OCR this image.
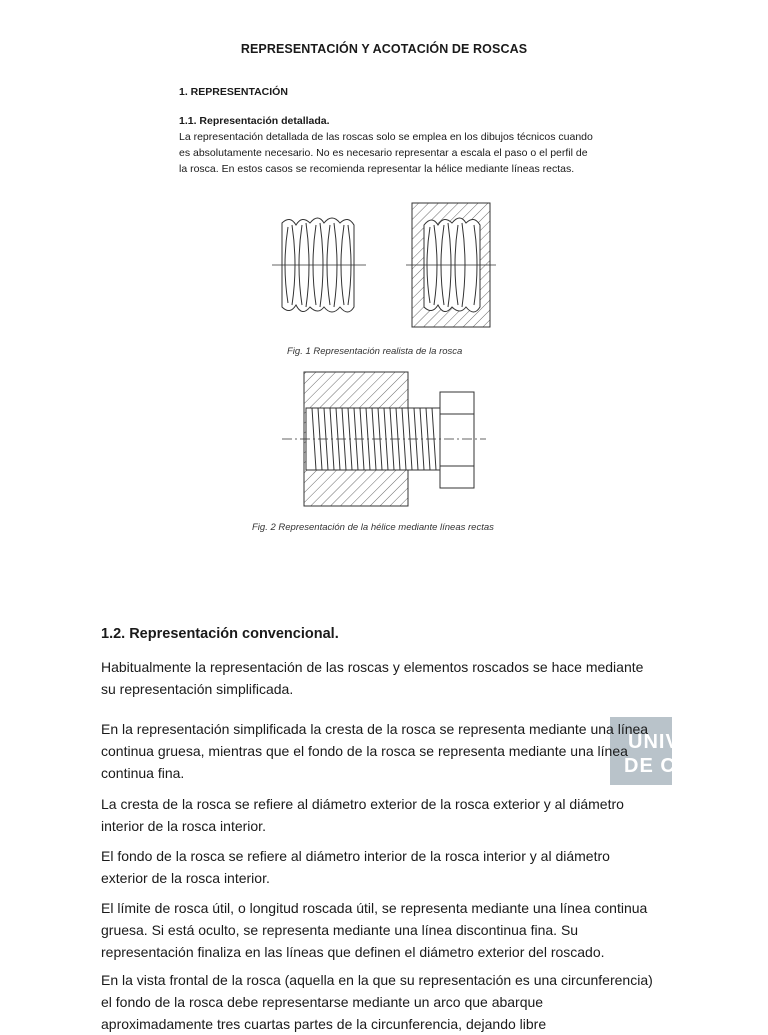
REPRESENTACIÓN Y ACOTACIÓN DE ROSCAS
1. REPRESENTACIÓN
1.1. Representación detallada.
La representación detallada de las roscas solo se emplea en los dibujos técnicos cuando
es absolutamente necesario. No es necesario representar a escala el paso o el perfil de
la rosca. En estos casos se recomienda representar la hélice mediante líneas rectas.
Fig. 1 Representación realista de la rosca
Fig. 2 Representación de la hélice mediante líneas rectas
1.2. Representación convencional.
Habitualmente la representación de las roscas y elementos roscados se hace mediante
su representación simplificada.
UNIV
DE CA
En la representación simplificada la cresta de la rosca se representa mediante una línea
continua gruesa, mientras que el fondo de la rosca se representa mediante una línea
continua fina.
La cresta de la rosca se refiere al diámetro exterior de la rosca exterior y al diámetro
interior de la rosca interior.
El fondo de la rosca se refiere al diámetro interior de la rosca interior y al diámetro
exterior de la rosca interior.
El límite de rosca útil, o longitud roscada útil, se representa mediante una línea continua
gruesa. Si está oculto, se representa mediante una línea discontinua fina. Su
representación finaliza en las líneas que definen el diámetro exterior del roscado.
En la vista frontal de la rosca (aquella en la que su representación es una circunferencia)
el fondo de la rosca debe representarse mediante un arco que abarque
aproximadamente tres cuartas partes de la circunferencia, dejando libre
